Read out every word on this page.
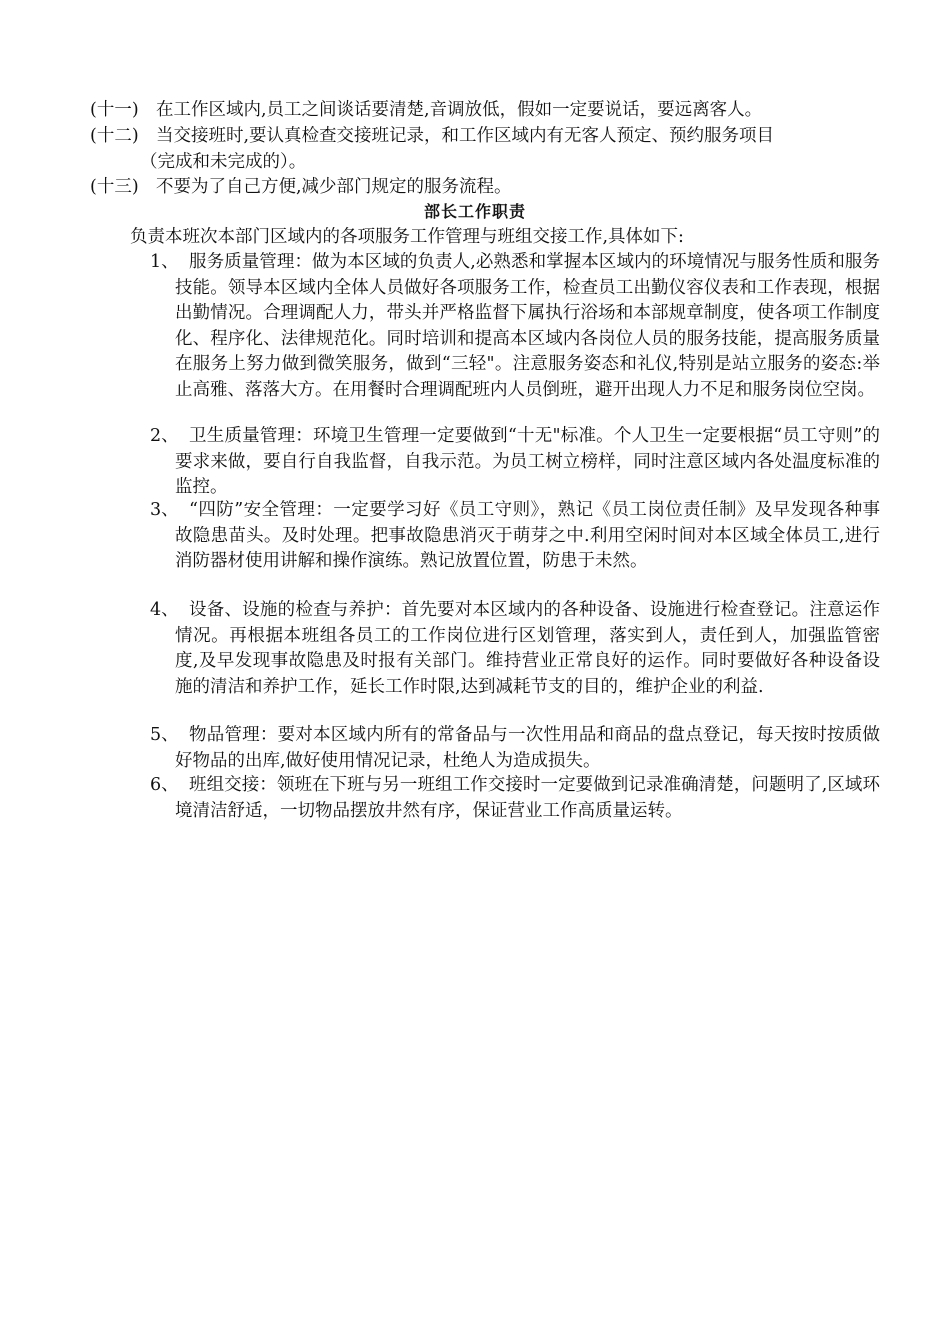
(十一) 在工作区域内,员工之间谈话要清楚,音调放低，假如一定要说话，要远离客人。
(十二) 当交接班时,要认真检查交接班记录，和工作区域内有无客人预定、预约服务项目
（完成和未完成的）。
(十三) 不要为了自己方便,减少部门规定的服务流程。
部长工作职责
负责本班次本部门区域内的各项服务工作管理与班组交接工作,具体如下:
1、 服务质量管理：做为本区域的负责人,必熟悉和掌握本区域内的环境情况与服务性质和服务技能。领导本区域内全体人员做好各项服务工作，检查员工出勤仪容仪表和工作表现，根据出勤情况。合理调配人力，带头并严格监督下属执行浴场和本部规章制度，使各项工作制度化、程序化、法律规范化。同时培训和提高本区域内各岗位人员的服务技能，提高服务质量在服务上努力做到微笑服务，做到“三轻"。注意服务姿态和礼仪,特别是站立服务的姿态:举止高雅、落落大方。在用餐时合理调配班内人员倒班，避开出现人力不足和服务岗位空岗。
2、 卫生质量管理：环境卫生管理一定要做到“十无"标准。个人卫生一定要根据“员工守则”的要求来做，要自行自我监督，自我示范。为员工树立榜样，同时注意区域内各处温度标准的监控。
3、 “四防”安全管理：一定要学习好《员工守则》，熟记《员工岗位责任制》及早发现各种事故隐患苗头。及时处理。把事故隐患消灭于萌芽之中.利用空闲时间对本区域全体员工,进行消防器材使用讲解和操作演练。熟记放置位置，防患于未然。
4、 设备、设施的检查与养护：首先要对本区域内的各种设备、设施进行检查登记。注意运作情况。再根据本班组各员工的工作岗位进行区划管理，落实到人，责任到人，加强监管密度,及早发现事故隐患及时报有关部门。维持营业正常良好的运作。同时要做好各种设备设施的清洁和养护工作，延长工作时限,达到减耗节支的目的，维护企业的利益.
5、 物品管理：要对本区域内所有的常备品与一次性用品和商品的盘点登记，每天按时按质做好物品的出库,做好使用情况记录，杜绝人为造成损失。
6、 班组交接：领班在下班与另一班组工作交接时一定要做到记录准确清楚，问题明了,区域环境清洁舒适，一切物品摆放井然有序，保证营业工作高质量运转。
